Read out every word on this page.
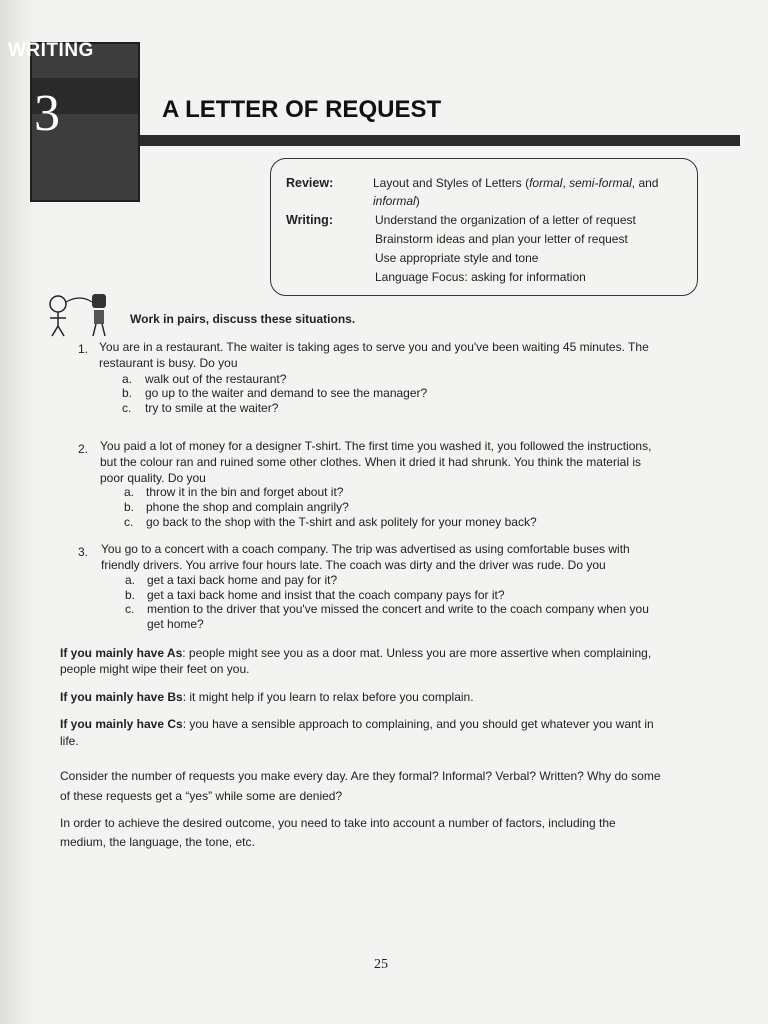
WRITING
3	A LETTER OF REQUEST
Review:	Layout and Styles of Letters (formal, semi-formal, and
informal)
Writing:	Understand the organization of a letter of request
Brainstorm ideas and plan your letter of request
Use appropriate style and tone
Language Focus: asking for information
Work in pairs, discuss these situations.
1. You are in a restaurant. The waiter is taking ages to serve you and you've been waiting 45 minutes. The
restaurant is busy. Do you
a. walk out of the restaurant?
b. go up to the waiter and demand to see the manager?
c. try to smile at the waiter?
2. You paid a lot of money for a designer T-shirt. The first time you washed it, you followed the instructions,
but the colour ran and ruined some other clothes. When it dried it had shrunk. You think the material is
poor quality. Do you
a. throw it in the bin and forget about it?
b. phone the shop and complain angrily?
c. go back to the shop with the T-shirt and ask politely for your money back?
3. You go to a concert with a coach company. The trip was advertised as using comfortable buses with
friendly drivers. You arrive four hours late. The coach was dirty and the driver was rude. Do you
a. get a taxi back home and pay for it?
b. get a taxi back home and insist that the coach company pays for it?
c. mention to the driver that you've missed the concert and write to the coach company when you
get home?
If you mainly have As: people might see you as a door mat. Unless you are more assertive when complaining,
people might wipe their feet on you.
If you mainly have Bs: it might help if you learn to relax before you complain.
If you mainly have Cs: you have a sensible approach to complaining, and you should get whatever you want in
life.
Consider the number of requests you make every day. Are they formal? Informal? Verbal? Written? Why do some
of these requests get a “yes” while some are denied?
In order to achieve the desired outcome, you need to take into account a number of factors, including the
medium, the language, the tone, etc.
25
